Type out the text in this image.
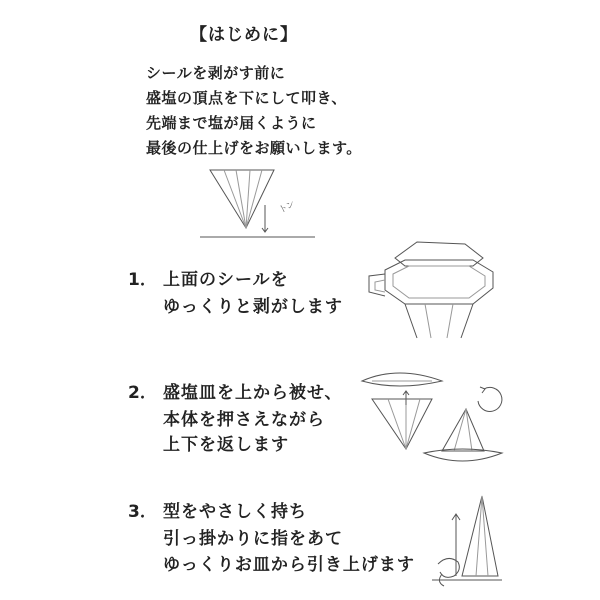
【はじめに】
シールを剥がす前に
盛塩の頂点を下にして叩き、
先端まで塩が届くように
最後の仕上げをお願いします。
トン
1． 上面のシールを
ゆっくりと剥がします
2． 盛塩皿を上から被せ、
本体を押さえながら
上下を返します
3． 型をやさしく持ち
引っ掛かりに指をあて
ゆっくりお皿から引き上げます
